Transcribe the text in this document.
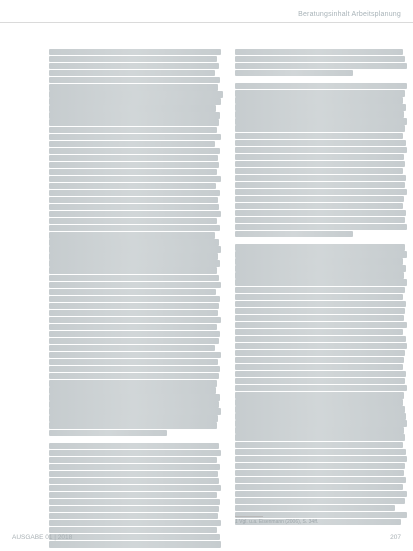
Beratungsinhalt Arbeitsplanung
1 Vgl. u.a. Eisenmann (2006), S. 34ff.
AUSGABE 01 | 2018	207
